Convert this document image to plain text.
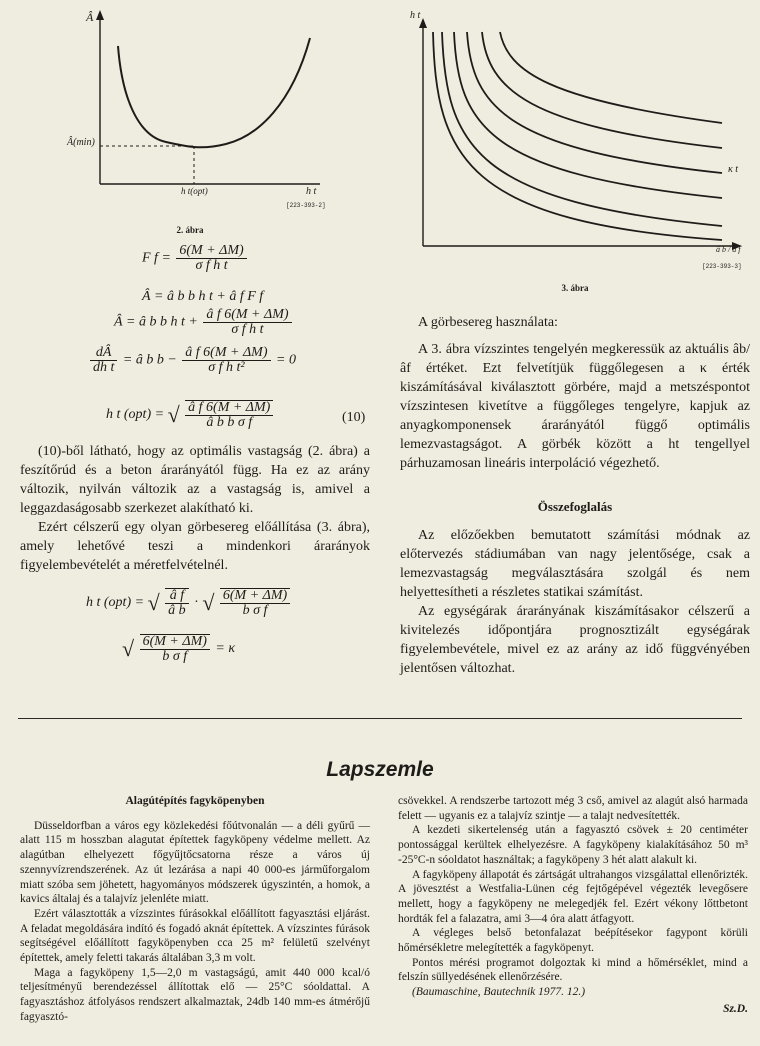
Â
Â(min)
h t(opt)	h t
[223-393-2]
2. ábra
h t
κ t
â b / â f
[223-393-3]
3. ábra
F $f = \frac{6(M + \Delta M)}{\text{σ f h t}}$
Â = â b b h t + â f F f
Â = â b b h $t + \frac{\text{â f 6(M + ΔM)}}{\text{σ f h t}}$
$\frac{dÂ}{\text{dh t}}$ = â b $b - \frac{\text{â f 6(M + ΔM)}}{\text{σ f h t²}} = 0$
h t (opt) = √ $\frac{\text{â f 6(M + ΔM)}}{\text{â b b σ f}}$	(10)

(10)-ből látható, hogy az optimális vastagság (2. ábra) a feszítőrúd és a beton árarányától függ. Ha ez az arány változik, nyilván változik az a vastagság is, amivel a leggazdaságosabb szerkezet alakítható ki.

Ezért célszerű egy olyan görbesereg előállítása (3. ábra), amely lehetővé teszi a mindenkori árarányok figyelembevételét a méretfelvételnél.

h t (opt) = √ $\frac{\text{â f}}{\text{â b}}$ · √ $\frac{6(M + \Delta M)}{\text{b σ f}}$
√ $\frac{6(M + \Delta M)}{\text{b σ f}} = \kappa$

A görbesereg használata:

A 3. ábra vízszintes tengelyén megkeressük az aktuális âb/âf értéket. Ezt felvetítjük függőlegesen a κ érték kiszámításával kiválasztott görbére, majd a metszéspontot vízszintesen kivetítve a függőleges tengelyre, kapjuk az anyagkomponensek árarányától függő optimális lemezvastagságot. A görbék között a ht tengellyel párhuzamosan lineáris interpoláció végezhető.

Összefoglalás

Az előzőekben bemutatott számítási módnak az előtervezés stádiumában van nagy jelentősége, csak a lemezvastagság megválasztására szolgál és nem helyettesítheti a részletes statikai számítást.

Az egységárak árarányának kiszámításakor célszerű a kivitelezés időpontjára prognosztizált egységárak figyelembevétele, mivel ez az arány az idő függvényében jelentősen változhat.

Lapszemle
Alagútépítés fagyköpenyben

Düsseldorfban a város egy közlekedési főútvonalán — a déli gyűrű — alatt 115 m hosszban alagutat építettek fagyköpeny védelme mellett. Az alagútban elhelyezett főgyűjtőcsatorna része a város új szennyvízrendszerének. Az út lezárása a napi 40 000-es járműforgalom miatt szóba sem jöhetett, hagyományos módszerek úgyszintén, a homok, a kavics általaj és a talajvíz jelenléte miatt.

Ezért választották a vízszintes fúrásokkal előállított fagyasztási eljárást. A feladat megoldására indító és fogadó aknát építettek. A vízszintes fúrások segítségével előállított fagyköpenyben cca 25 m² felületű szelvényt építettek, amely feletti takarás általában 3,3 m volt.

Maga a fagyköpeny 1,5—2,0 m vastagságú, amit 440 000 kcal/ó teljesítményű berendezéssel állítottak elő — 25°C sóoldattal. A fagyasztáshoz átfolyásos rendszert alkalmaztak, 24db 140 mm-es átmérőjű fagyasztó-

csövekkel. A rendszerbe tartozott még 3 cső, amivel az alagút alsó harmada felett — ugyanis ez a talajvíz szintje — a talajt nedvesítették.

A kezdeti sikertelenség után a fagyasztó csövek ± 20 centiméter pontossággal kerültek elhelyezésre. A fagyköpeny kialakításához 50 m³ -25°C-n sóoldatot használtak; a fagyköpeny 3 hét alatt alakult ki.

A fagyköpeny állapotát és zártságát ultrahangos vizsgálattal ellenőrizték. A jövesztést a Westfalia-Lünen cég fejtőgépével végezték levegősere mellett, hogy a fagyköpeny ne melegedjék fel. Ezért vékony lőttbetont hordták fel a falazatra, ami 3—4 óra alatt átfagyott.

A végleges belső betonfalazat beépítésekor fagypont körüli hőmérsékletre melegítették a fagyköpenyt.

Pontos mérési programot dolgoztak ki mind a hőmérséklet, mind a felszín süllyedésének ellenőrzésére.

(Baumaschine, Bautechnik 1977. 12.)

Sz.D.
